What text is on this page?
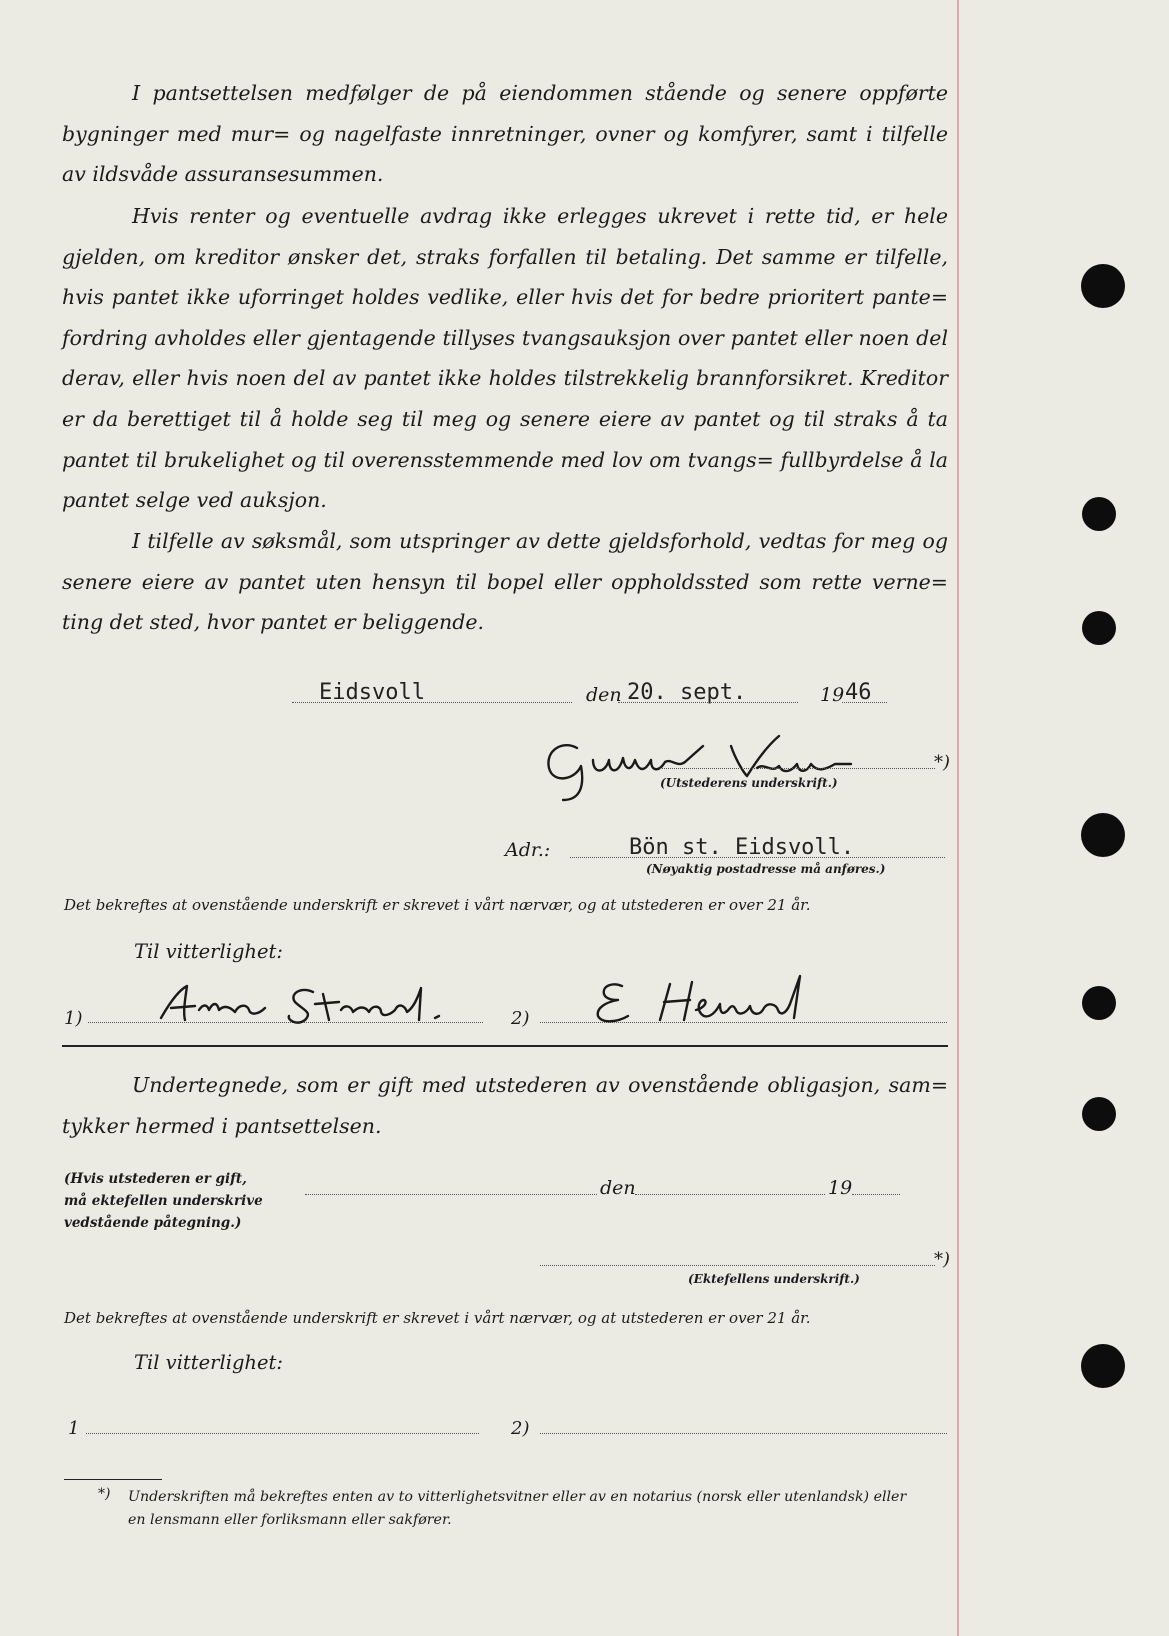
I pantsettelsen medfølger de på eiendommen stående og senere oppførte bygninger med mur= og nagelfaste innretninger, ovner og komfyrer, samt i tilfelle av ildsvåde assuransesummen.

Hvis renter og eventuelle avdrag ikke erlegges ukrevet i rette tid, er hele gjelden, om kreditor ønsker det, straks forfallen til betaling. Det samme er tilfelle, hvis pantet ikke uforringet holdes vedlike, eller hvis det for bedre prioritert pante= fordring avholdes eller gjentagende tillyses tvangsauksjon over pantet eller noen del derav, eller hvis noen del av pantet ikke holdes tilstrekkelig brannforsikret. Kreditor er da berettiget til å holde seg til meg og senere eiere av pantet og til straks å ta pantet til brukelighet og til overensstemmende med lov om tvangs= fullbyrdelse å la pantet selge ved auksjon.

I tilfelle av søksmål, som utspringer av dette gjeldsforhold, vedtas for meg og senere eiere av pantet uten hensyn til bopel eller oppholdssted som rette verne= ting det sted, hvor pantet er beliggende.

Eidsvoll	den 20. sept.	19 46
*)
(Utstederens underskrift.)
Adr.:	Bön st. Eidsvoll.
(Nøyaktig postadresse må anføres.)
Det bekreftes at ovenstående underskrift er skrevet i vårt nærvær, og at utstederen er over 21 år.
Til vitterlighet:
1)	2)

Undertegnede, som er gift med utstederen av ovenstående obligasjon, sam= tykker hermed i pantsettelsen.

(Hvis utstederen er gift,
må ektefellen underskrive
vedstående påtegning.)
den	19
*)
(Ektefellens underskrift.)
Det bekreftes at ovenstående underskrift er skrevet i vårt nærvær, og at utstederen er over 21 år.
Til vitterlighet:
1	2)
*) Underskriften må bekreftes enten av to vitterlighetsvitner eller av en notarius (norsk eller utenlandsk) eller
en lensmann eller forliksmann eller sakfører.
